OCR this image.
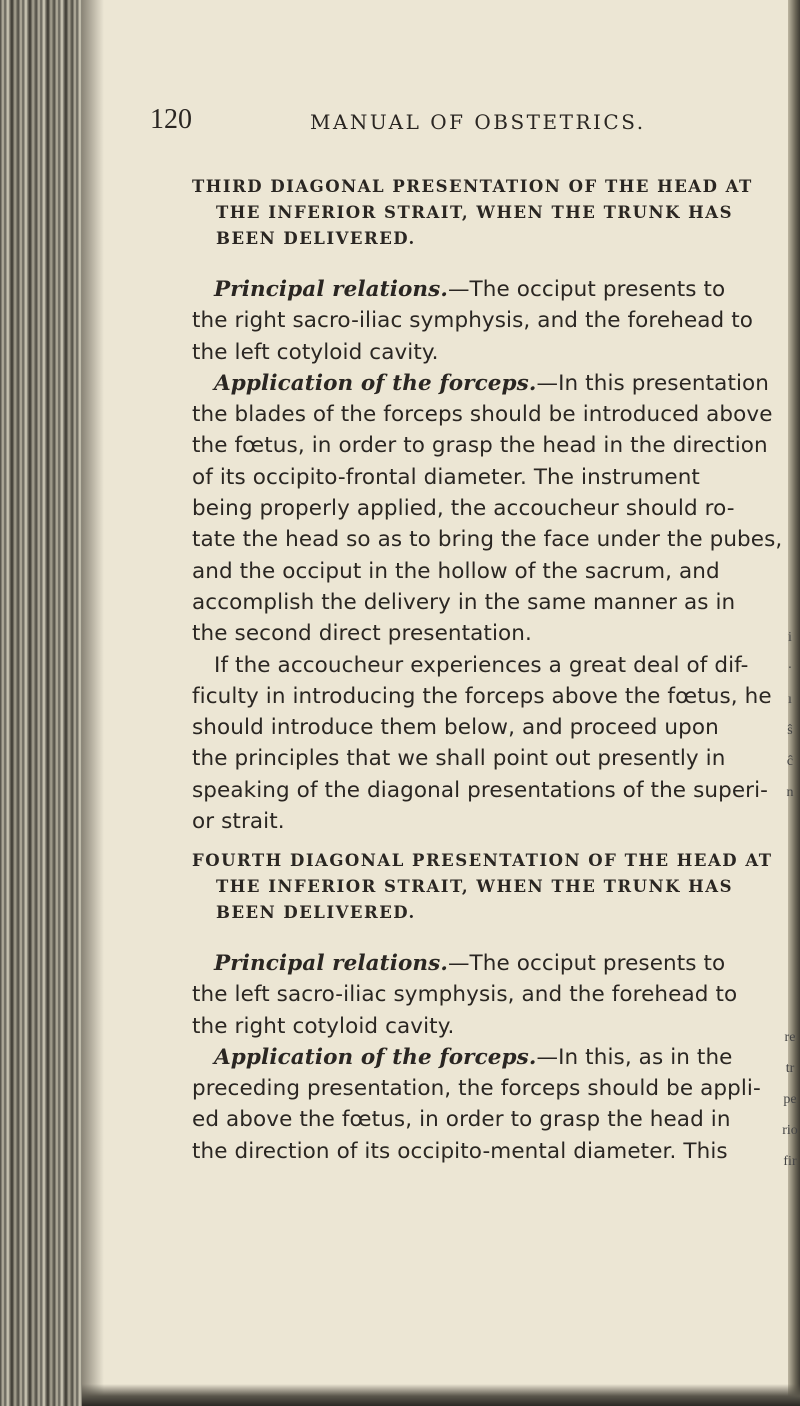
120	MANUAL OF OBSTETRICS.
THIRD DIAGONAL PRESENTATION OF THE HEAD AT
THE INFERIOR STRAIT, WHEN THE TRUNK HAS
BEEN DELIVERED.

Principal relations.—The occiput presents to
the right sacro-iliac symphysis, and the forehead to
the left cotyloid cavity.

Application of the forceps.—In this presentation
the blades of the forceps should be introduced above
the fœtus, in order to grasp the head in the direction
of its occipito-frontal diameter. The instrument
being properly applied, the accoucheur should ro-
tate the head so as to bring the face under the pubes,
and the occiput in the hollow of the sacrum, and
accomplish the delivery in the same manner as in
the second direct presentation.

If the accoucheur experiences a great deal of dif-
ficulty in introducing the forceps above the fœtus, he
should introduce them below, and proceed upon
the principles that we shall point out presently in
speaking of the diagonal presentations of the superi-
or strait.

FOURTH DIAGONAL PRESENTATION OF THE HEAD AT
THE INFERIOR STRAIT, WHEN THE TRUNK HAS
BEEN DELIVERED.

Principal relations.—The occiput presents to
the left sacro-iliac symphysis, and the forehead to
the right cotyloid cavity.

Application of the forceps.—In this, as in the
preceding presentation, the forceps should be appli-
ed above the fœtus, in order to grasp the head in
the direction of its occipito-mental diameter. This

i
·
ı
ŝ
ĉ
n
re
tr
pe
rio
fir
